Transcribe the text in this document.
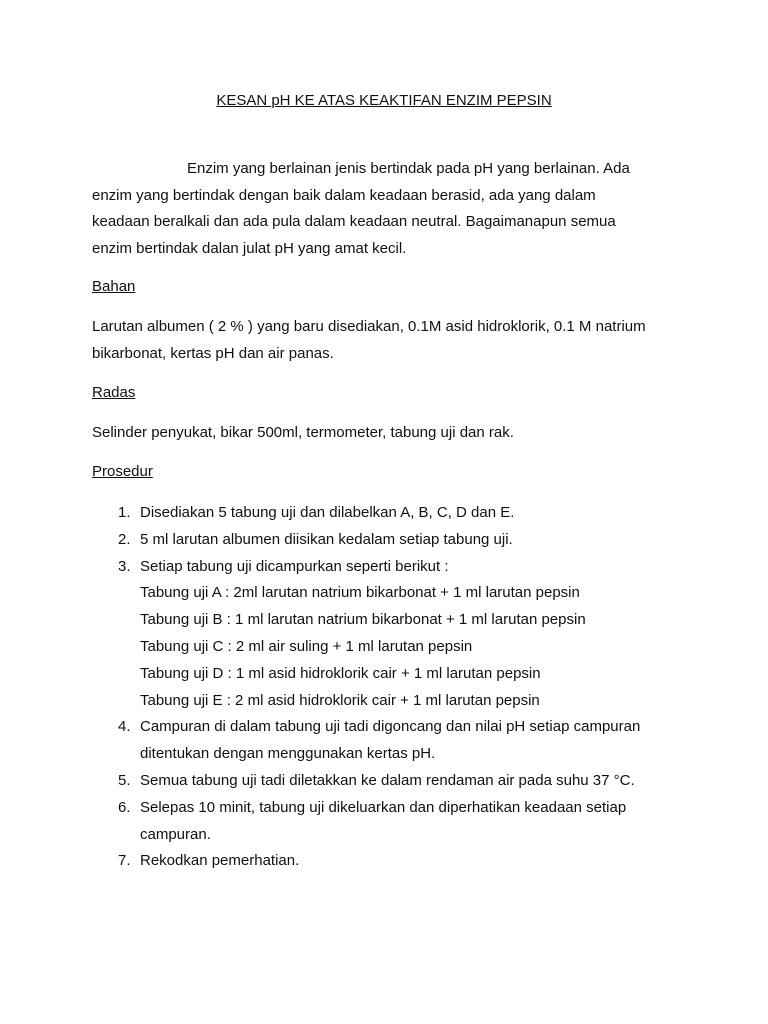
KESAN pH KE ATAS KEAKTIFAN ENZIM PEPSIN
Enzim yang berlainan jenis bertindak pada pH yang berlainan. Ada
enzim yang bertindak dengan baik dalam keadaan berasid, ada yang dalam
keadaan beralkali dan ada pula dalam keadaan neutral. Bagaimanapun semua
enzim bertindak dalan julat pH yang amat kecil.
Bahan
Larutan albumen ( 2 % ) yang baru disediakan, 0.1M asid hidroklorik, 0.1 M natrium
bikarbonat, kertas pH dan air panas.
Radas
Selinder penyukat, bikar 500ml, termometer, tabung uji dan rak.
Prosedur
1. Disediakan 5 tabung uji dan dilabelkan A, B, C, D dan E.
2. 5 ml larutan albumen diisikan kedalam setiap tabung uji.
3. Setiap tabung uji dicampurkan seperti berikut :
Tabung uji A : 2ml larutan natrium bikarbonat + 1 ml larutan pepsin
Tabung uji B : 1 ml larutan natrium bikarbonat + 1 ml larutan pepsin
Tabung uji C : 2 ml air suling + 1 ml larutan pepsin
Tabung uji D : 1 ml asid hidroklorik cair + 1 ml larutan pepsin
Tabung uji E : 2 ml asid hidroklorik cair + 1 ml larutan pepsin
4. Campuran di dalam tabung uji tadi digoncang dan nilai pH setiap campuran
ditentukan dengan menggunakan kertas pH.
5. Semua tabung uji tadi diletakkan ke dalam rendaman air pada suhu 37 °C.
6. Selepas 10 minit, tabung uji dikeluarkan dan diperhatikan keadaan setiap
campuran.
7. Rekodkan pemerhatian.
